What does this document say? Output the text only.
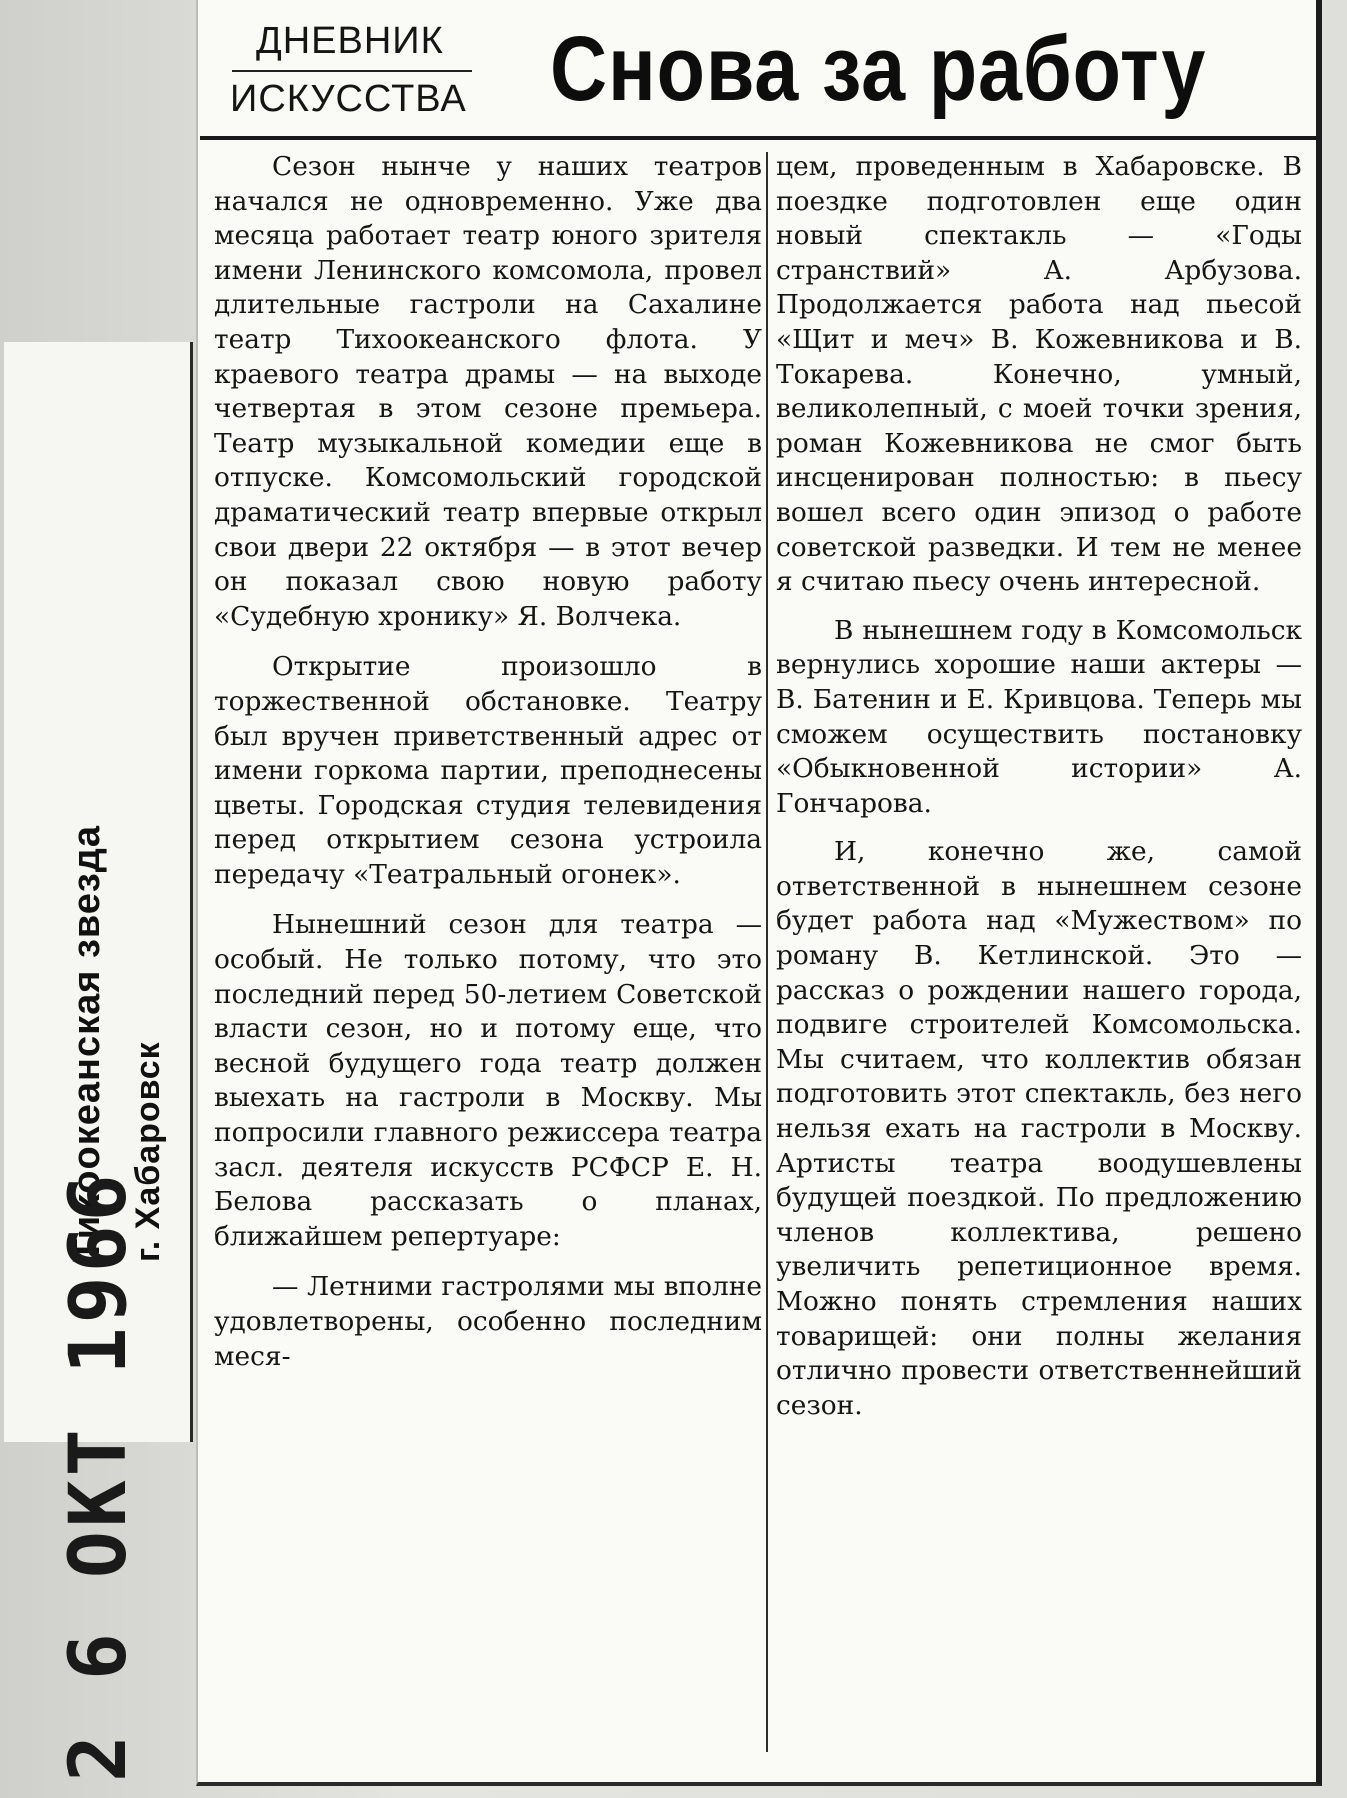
Тихоокеанская звезда г. Хабаровск
2 6 ОКТ 1966
ДНЕВНИК
ИСКУССТВА Снова за работу

Сезон нынче у наших театров начался не одновременно. Уже два месяца работает театр юного зрителя имени Ленинского комсомола, провел длительные гастроли на Сахалине театр Тихоокеанского флота. У краевого театра драмы — на выходе четвертая в этом сезоне премьера. Театр музыкальной комедии еще в отпуске. Комсомольский городской драматический театр впервые открыл свои двери 22 октября — в этот вечер он показал свою новую работу «Судебную хронику» Я. Волчека.

Открытие произошло в торжественной обстановке. Театру был вручен приветственный адрес от имени горкома партии, преподнесены цветы. Городская студия телевидения перед открытием сезона устроила передачу «Театральный огонек».

Нынешний сезон для театра — особый. Не только потому, что это последний перед 50-летием Советской власти сезон, но и потому еще, что весной будущего года театр должен выехать на гастроли в Москву. Мы попросили главного режиссера театра засл. деятеля искусств РСФСР Е. Н. Белова рассказать о планах, ближайшем репертуаре:

— Летними гастролями мы вполне удовлетворены, особенно последним меся-

цем, проведенным в Хабаровске. В поездке подготовлен еще один новый спектакль — «Годы странствий» А. Арбузова. Продолжается работа над пьесой «Щит и меч» В. Кожевникова и В. Токарева. Конечно, умный, великолепный, с моей точки зрения, роман Кожевникова не смог быть инсценирован полностью: в пьесу вошел всего один эпизод о работе советской разведки. И тем не менее я считаю пьесу очень интересной.

В нынешнем году в Комсомольск вернулись хорошие наши актеры — В. Батенин и Е. Кривцова. Теперь мы сможем осуществить постановку «Обыкновенной истории» А. Гончарова.

И, конечно же, самой ответственной в нынешнем сезоне будет работа над «Мужеством» по роману В. Кетлинской. Это — рассказ о рождении нашего города, подвиге строителей Комсомольска. Мы считаем, что коллектив обязан подготовить этот спектакль, без него нельзя ехать на гастроли в Москву. Артисты театра воодушевлены будущей поездкой. По предложению членов коллектива, решено увеличить репетиционное время. Можно понять стремления наших товарищей: они полны желания отлично провести ответственнейший сезон.
